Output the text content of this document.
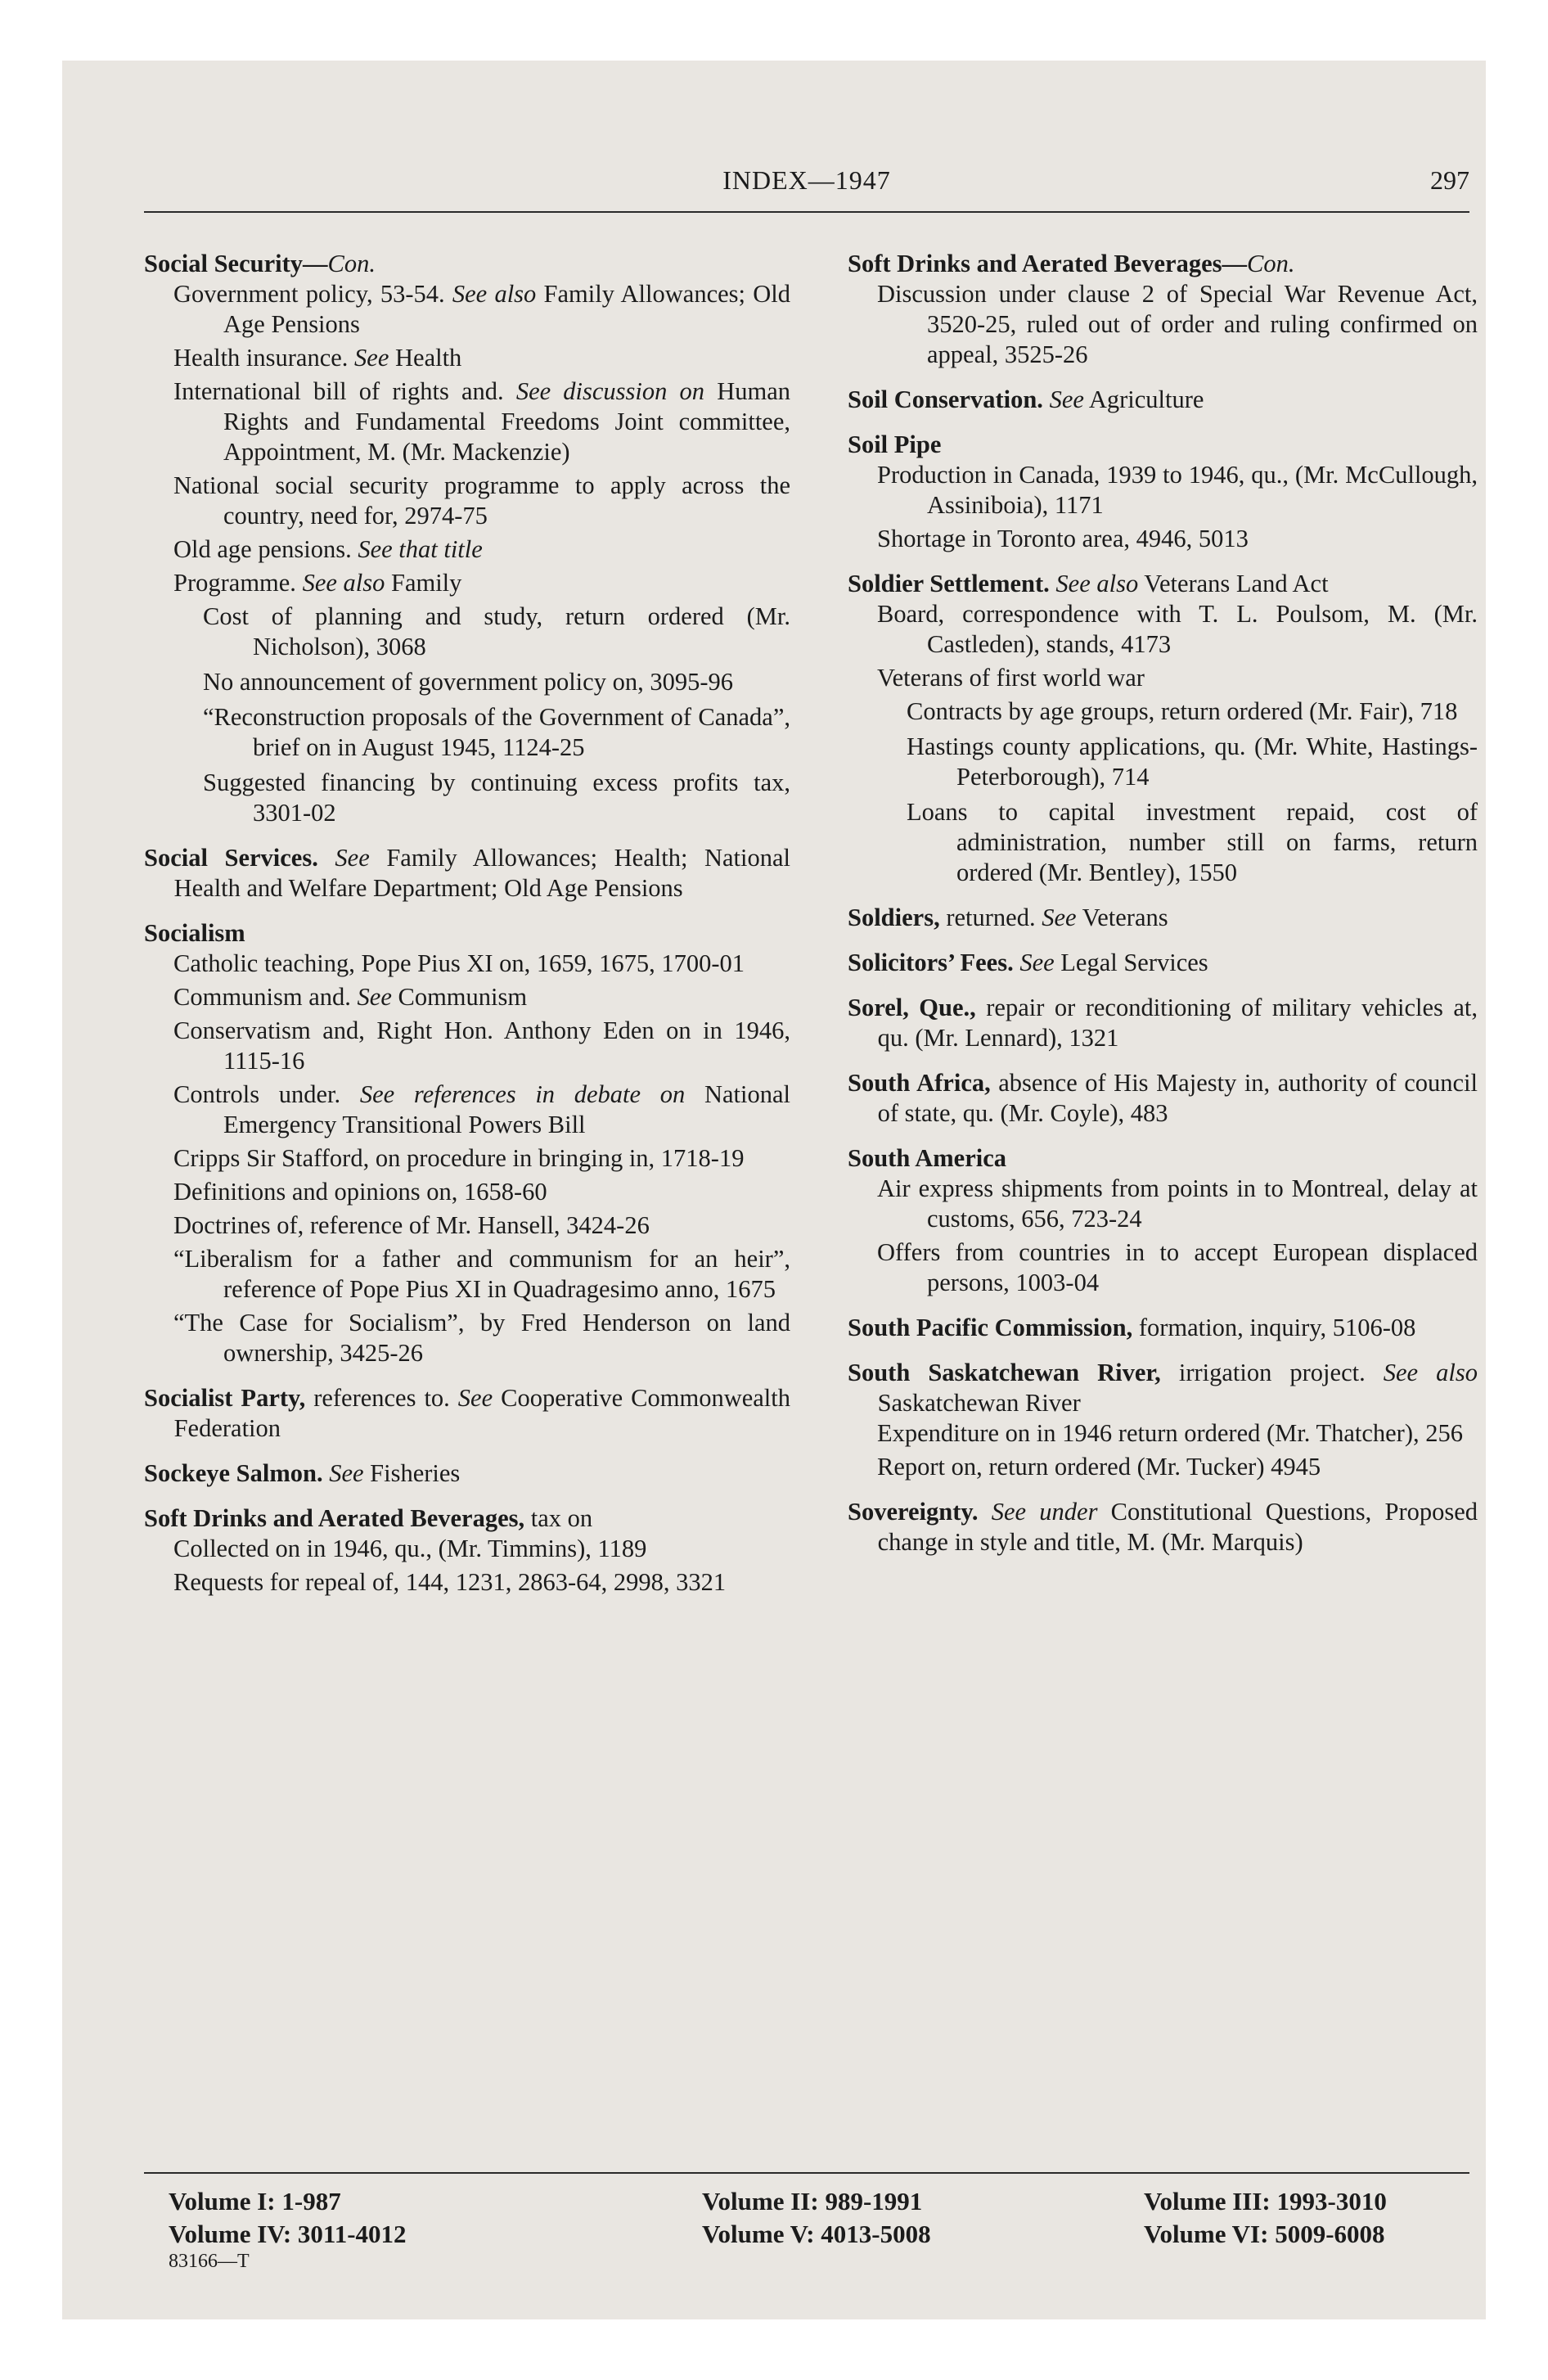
INDEX—1947	297
Social Security—Con.
Government policy, 53-54. See also Family Allowances; Old Age Pensions
Health insurance. See Health
International bill of rights and. See discussion on Human Rights and Fundamental Freedoms Joint committee, Appointment, M. (Mr. Mackenzie)
National social security programme to apply across the country, need for, 2974-75
Old age pensions. See that title
Programme. See also Family
Cost of planning and study, return ordered (Mr. Nicholson), 3068
No announcement of government policy on, 3095-96
“Reconstruction proposals of the Government of Canada”, brief on in August 1945, 1124-25
Suggested financing by continuing excess profits tax, 3301-02
Social Services. See Family Allowances; Health; National Health and Welfare Department; Old Age Pensions
Socialism
Catholic teaching, Pope Pius XI on, 1659, 1675, 1700-01
Communism and. See Communism
Conservatism and, Right Hon. Anthony Eden on in 1946, 1115-16
Controls under. See references in debate on National Emergency Transitional Powers Bill
Cripps Sir Stafford, on procedure in bringing in, 1718-19
Definitions and opinions on, 1658-60
Doctrines of, reference of Mr. Hansell, 3424-26
“Liberalism for a father and communism for an heir”, reference of Pope Pius XI in Quadragesimo anno, 1675
“The Case for Socialism”, by Fred Henderson on land ownership, 3425-26
Socialist Party, references to. See Cooperative Commonwealth Federation
Sockeye Salmon. See Fisheries
Soft Drinks and Aerated Beverages, tax on
Collected on in 1946, qu., (Mr. Timmins), 1189
Requests for repeal of, 144, 1231, 2863-64, 2998, 3321
Soft Drinks and Aerated Beverages—Con.
Discussion under clause 2 of Special War Revenue Act, 3520-25, ruled out of order and ruling confirmed on appeal, 3525-26
Soil Conservation. See Agriculture
Soil Pipe
Production in Canada, 1939 to 1946, qu., (Mr. McCullough, Assiniboia), 1171
Shortage in Toronto area, 4946, 5013
Soldier Settlement. See also Veterans Land Act
Board, correspondence with T. L. Poulsom, M. (Mr. Castleden), stands, 4173
Veterans of first world war
Contracts by age groups, return ordered (Mr. Fair), 718
Hastings county applications, qu. (Mr. White, Hastings-Peterborough), 714
Loans to capital investment repaid, cost of administration, number still on farms, return ordered (Mr. Bentley), 1550
Soldiers, returned. See Veterans
Solicitors’ Fees. See Legal Services
Sorel, Que., repair or reconditioning of military vehicles at, qu. (Mr. Lennard), 1321
South Africa, absence of His Majesty in, authority of council of state, qu. (Mr. Coyle), 483
South America
Air express shipments from points in to Montreal, delay at customs, 656, 723-24
Offers from countries in to accept European displaced persons, 1003-04
South Pacific Commission, formation, inquiry, 5106-08
South Saskatchewan River, irrigation project. See also Saskatchewan River
Expenditure on in 1946 return ordered (Mr. Thatcher), 256
Report on, return ordered (Mr. Tucker) 4945
Sovereignty. See under Constitutional Questions, Proposed change in style and title, M. (Mr. Marquis)
Volume I: 1-987	Volume II: 989-1991	Volume III: 1993-3010
Volume IV: 3011-4012	Volume V: 4013-5008	Volume VI: 5009-6008
83166—T
